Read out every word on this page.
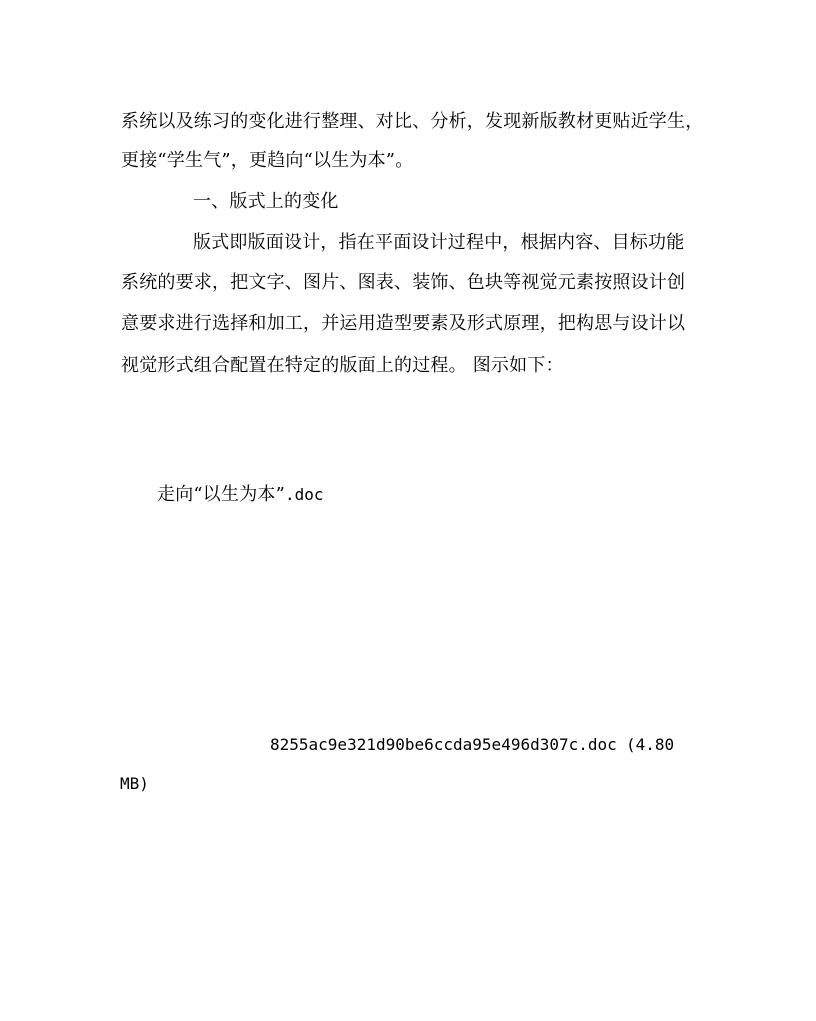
系统以及练习的变化进行整理、对比、分析，发现新版教材更贴近学生，
更接“学生气”，更趋向“以生为本”。
一、版式上的变化
版式即版面设计，指在平面设计过程中，根据内容、目标功能
系统的要求，把文字、图片、图表、装饰、色块等视觉元素按照设计创
意要求进行选择和加工，并运用造型要素及形式原理，把构思与设计以
视觉形式组合配置在特定的版面上的过程。 图示如下：
走向“以生为本”.doc
8255ac9e321d90be6ccda95e496d307c.doc (4.80
MB)
